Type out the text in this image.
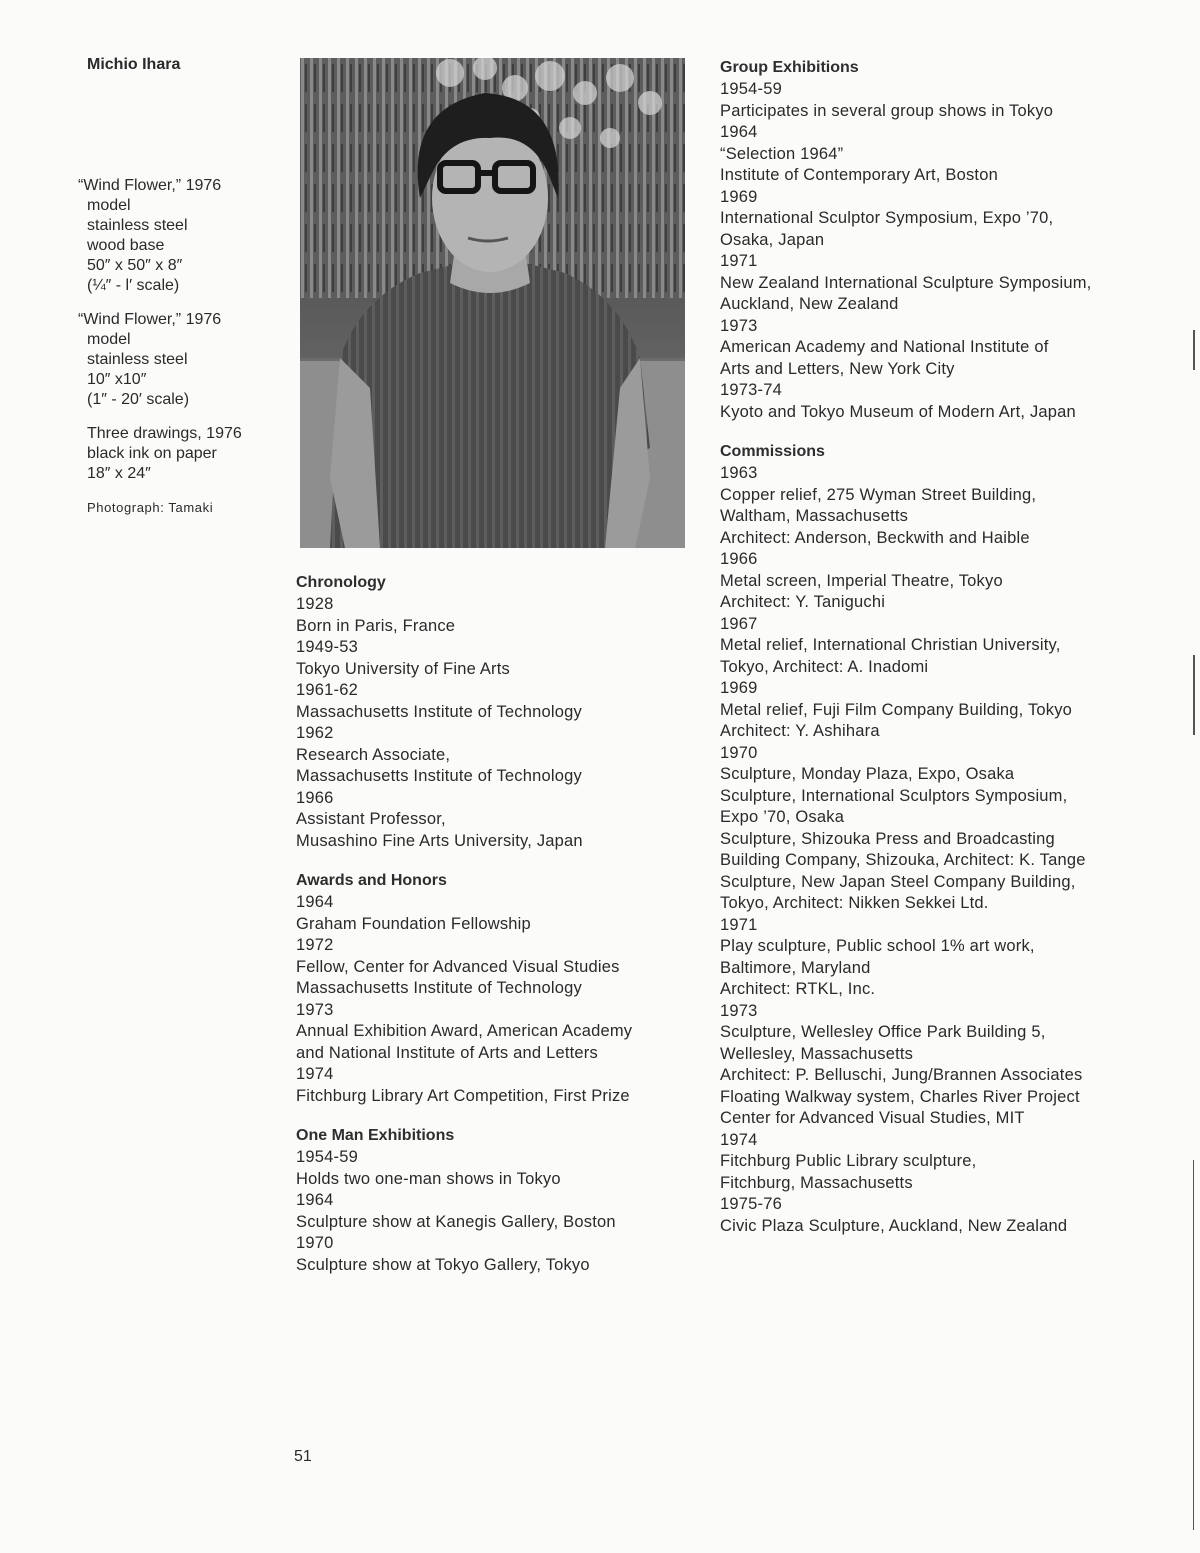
Michio Ihara
“Wind Flower,” 1976
model
stainless steel
wood base
50″ x 50″ x 8″
(¼″ - l′ scale)
“Wind Flower,” 1976
model
stainless steel
10″ x10″
(1″ - 20′ scale)
Three drawings, 1976
black ink on paper
18″ x 24″
Photograph: Tamaki
Chronology
1928
Born in Paris, France
1949-53
Tokyo University of Fine Arts
1961-62
Massachusetts Institute of Technology
1962
Research Associate,
Massachusetts Institute of Technology
1966
Assistant Professor,
Musashino Fine Arts University, Japan
Awards and Honors
1964
Graham Foundation Fellowship
1972
Fellow, Center for Advanced Visual Studies
Massachusetts Institute of Technology
1973
Annual Exhibition Award, American Academy
and National Institute of Arts and Letters
1974
Fitchburg Library Art Competition, First Prize
One Man Exhibitions
1954-59
Holds two one-man shows in Tokyo
1964
Sculpture show at Kanegis Gallery, Boston
1970
Sculpture show at Tokyo Gallery, Tokyo
Group Exhibitions
1954-59
Participates in several group shows in Tokyo
1964
“Selection 1964”
Institute of Contemporary Art, Boston
1969
International Sculptor Symposium, Expo ’70,
Osaka, Japan
1971
New Zealand International Sculpture Symposium,
Auckland, New Zealand
1973
American Academy and National Institute of
Arts and Letters, New York City
1973-74
Kyoto and Tokyo Museum of Modern Art, Japan
Commissions
1963
Copper relief, 275 Wyman Street Building,
Waltham, Massachusetts
Architect: Anderson, Beckwith and Haible
1966
Metal screen, Imperial Theatre, Tokyo
Architect: Y. Taniguchi
1967
Metal relief, International Christian University,
Tokyo, Architect: A. Inadomi
1969
Metal relief, Fuji Film Company Building, Tokyo
Architect: Y. Ashihara
1970
Sculpture, Monday Plaza, Expo, Osaka
Sculpture, International Sculptors Symposium,
Expo ’70, Osaka
Sculpture, Shizouka Press and Broadcasting
Building Company, Shizouka, Architect: K. Tange
Sculpture, New Japan Steel Company Building,
Tokyo, Architect: Nikken Sekkei Ltd.
1971
Play sculpture, Public school 1% art work,
Baltimore, Maryland
Architect: RTKL, Inc.
1973
Sculpture, Wellesley Office Park Building 5,
Wellesley, Massachusetts
Architect: P. Belluschi, Jung/Brannen Associates
Floating Walkway system, Charles River Project
Center for Advanced Visual Studies, MIT
1974
Fitchburg Public Library sculpture,
Fitchburg, Massachusetts
1975-76
Civic Plaza Sculpture, Auckland, New Zealand
51
